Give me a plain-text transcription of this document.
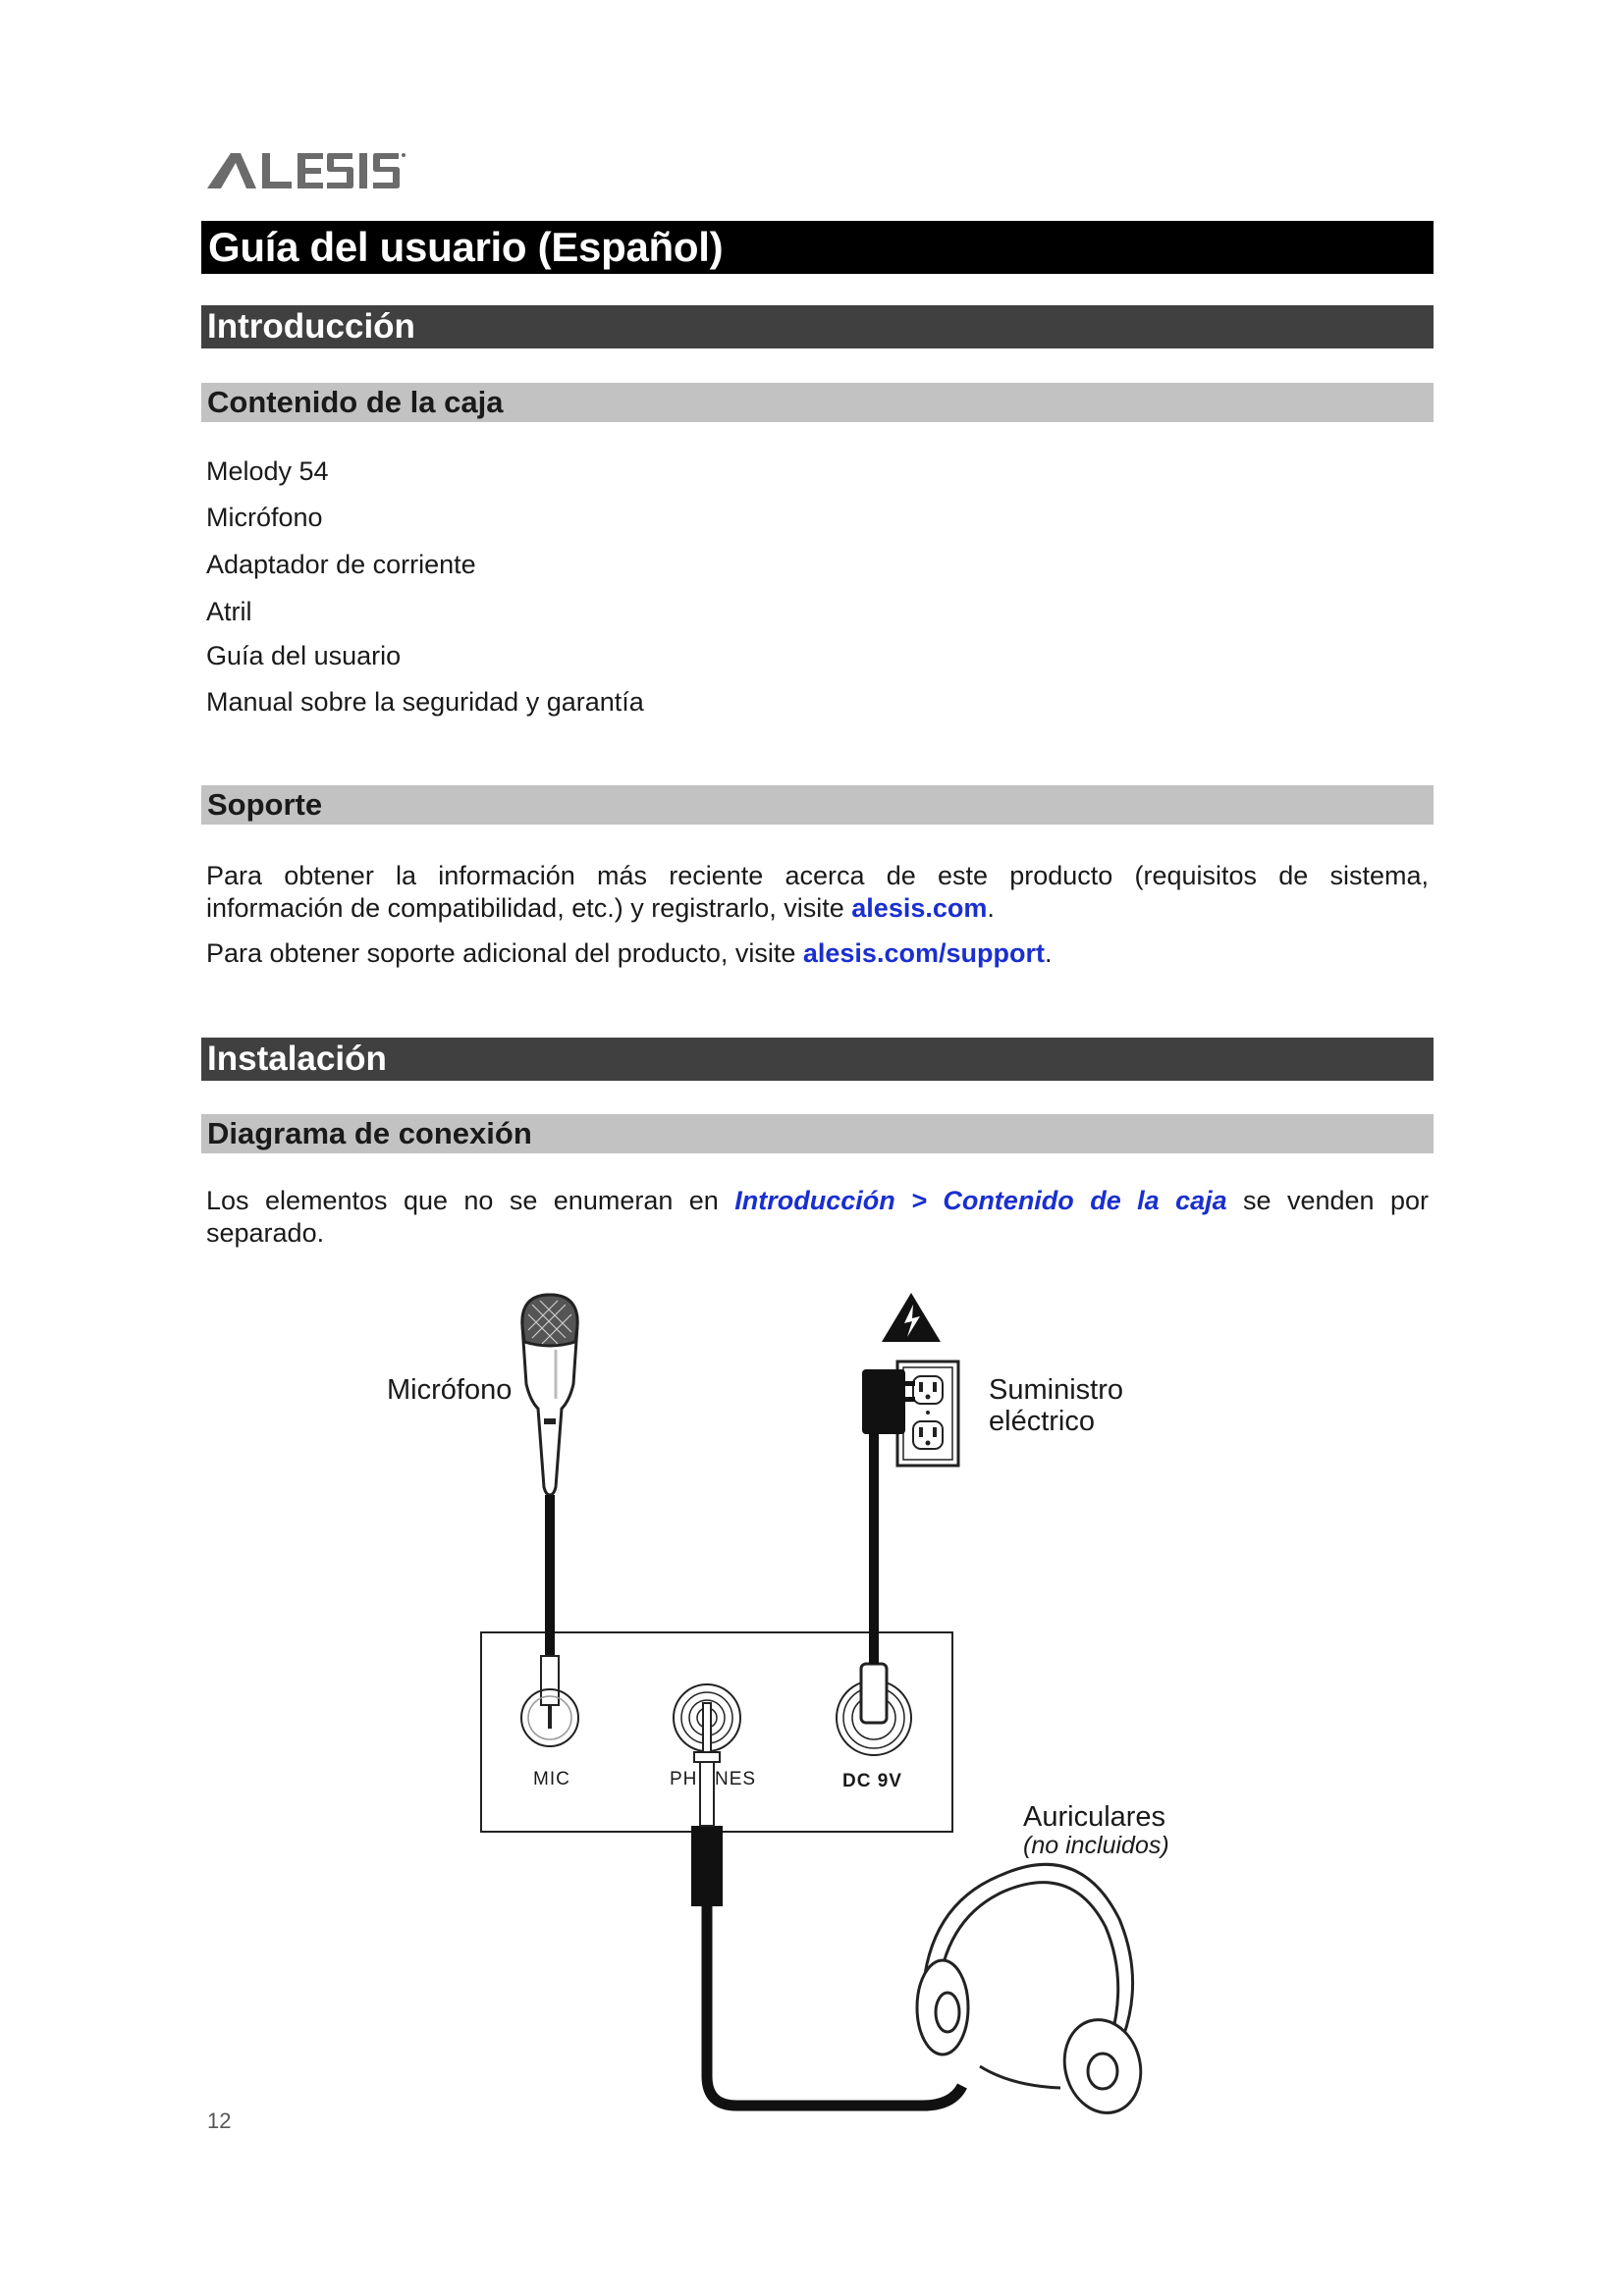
Guía del usuario (Español)
Introducción
Contenido de la caja
Melody 54
Micrófono
Adaptador de corriente
Atril
Guía del usuario
Manual sobre la seguridad y garantía
Soporte
Para obtener la información más reciente acerca de este producto (requisitos de sistema,
información de compatibilidad, etc.) y registrarlo, visite alesis.com.
Para obtener soporte adicional del producto, visite alesis.com/support.
Instalación
Diagrama de conexión
Los elementos que no se enumeran en Introducción > Contenido de la caja se venden por
separado.
Micrófono	Suministro
eléctrico
Auriculares
(no incluidos)
MIC	PH NES	DC 9V
12
